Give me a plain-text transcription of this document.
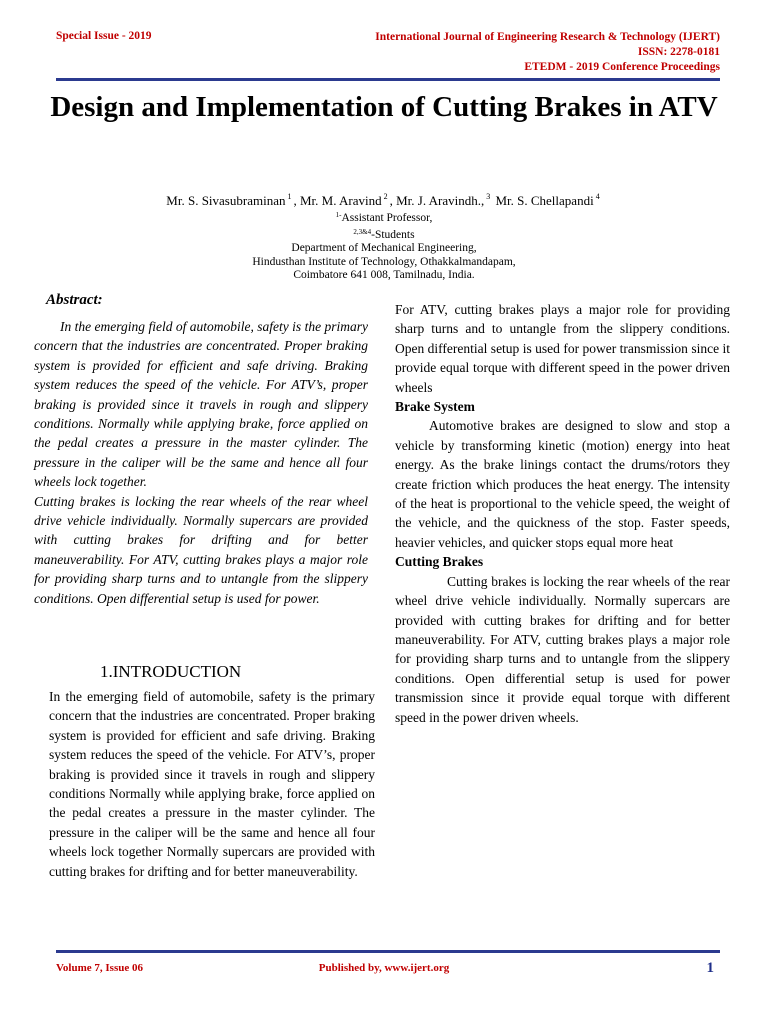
Special Issue - 2019	International Journal of Engineering Research & Technology (IJERT)
ISSN: 2278-0181
ETEDM - 2019 Conference Proceedings
Design and Implementation of Cutting Brakes in ATV
Mr. S. Sivasubraminan $^1$ , Mr. M. Aravind $^2$ , Mr. J. Aravindh., $^3$ Mr. S. Chellapandi $^4$
$^{1-}$Assistant Professor,
$^{2,3\&4}$-Students
Department of Mechanical Engineering,
Hindusthan Institute of Technology, Othakkalmandapam,
Coimbatore 641 008, Tamilnadu, India.
Abstract:

In the emerging field of automobile, safety is the primary concern that the industries are concentrated. Proper braking system is provided for efficient and safe driving. Braking system reduces the speed of the vehicle. For ATV’s, proper braking is provided since it travels in rough and slippery conditions. Normally while applying brake, force applied on the pedal creates a pressure in the master cylinder. The pressure in the caliper will be the same and hence all four wheels lock together.

Cutting brakes is locking the rear wheels of the rear wheel drive vehicle individually. Normally supercars are provided with cutting brakes for drifting and for better maneuverability. For ATV, cutting brakes plays a major role for providing sharp turns and to untangle from the slippery conditions. Open differential setup is used for power.

1.INTRODUCTION

In the emerging field of automobile, safety is the primary concern that the industries are concentrated. Proper braking system is provided for efficient and safe driving. Braking system reduces the speed of the vehicle. For ATV’s, proper braking is provided since it travels in rough and slippery conditions Normally while applying brake, force applied on the pedal creates a pressure in the master cylinder. The pressure in the caliper will be the same and hence all four wheels lock together Normally supercars are provided with cutting brakes for drifting and for better maneuverability.

For ATV, cutting brakes plays a major role for providing sharp turns and to untangle from the slippery conditions. Open differential setup is used for power transmission since it provide equal torque with different speed in the power driven wheels

Brake System

Automotive brakes are designed to slow and stop a vehicle by transforming kinetic (motion) energy into heat energy. As the brake linings contact the drums/rotors they create friction which produces the heat energy. The intensity of the heat is proportional to the vehicle speed, the weight of the vehicle, and the quickness of the stop. Faster speeds, heavier vehicles, and quicker stops equal more heat

Cutting Brakes

Cutting brakes is locking the rear wheels of the rear wheel drive vehicle individually. Normally supercars are provided with cutting brakes for drifting and for better maneuverability. For ATV, cutting brakes plays a major role for providing sharp turns and to untangle from the slippery conditions. Open differential setup is used for power transmission since it provide equal torque with different speed in the power driven wheels.

Volume 7, Issue 06	Published by, www.ijert.org	1
